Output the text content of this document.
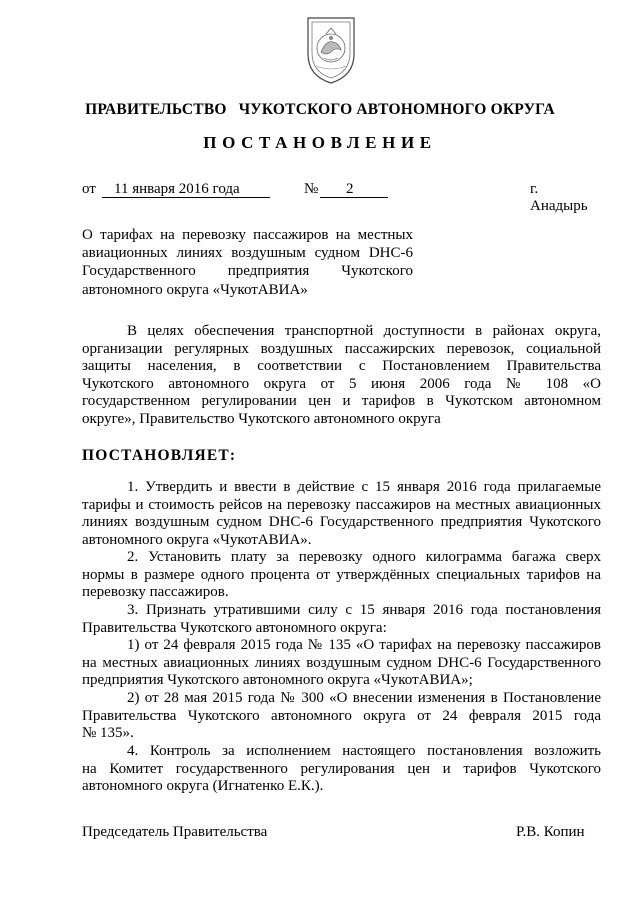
ПРАВИТЕЛЬСТВО ЧУКОТСКОГО АВТОНОМНОГО ОКРУГА
ПОСТАНОВЛЕНИЕ
от	11 января 2016 года	№	2	г. Анадырь
О тарифах на перевозку пассажиров на местных
авиационных линиях воздушным судном DHC-6
Государственного предприятия Чукотского
автономного округа «ЧукотАВИА»
В целях обеспечения транспортной доступности в районах округа,
организации регулярных воздушных пассажирских перевозок, социальной
защиты населения, в соответствии с Постановлением Правительства
Чукотского автономного округа от 5 июня 2006 года № 108 «О
государственном регулировании цен и тарифов в Чукотском автономном
округе», Правительство Чукотского автономного округа
ПОСТАНОВЛЯЕТ:
1. Утвердить и ввести в действие с 15 января 2016 года прилагаемые
тарифы и стоимость рейсов на перевозку пассажиров на местных авиационных
линиях воздушным судном DHC-6 Государственного предприятия Чукотского
автономного округа «ЧукотАВИА».
2. Установить плату за перевозку одного килограмма багажа сверх
нормы в размере одного процента от утверждённых специальных тарифов на
перевозку пассажиров.
3. Признать утратившими силу с 15 января 2016 года постановления
Правительства Чукотского автономного округа:
1) от 24 февраля 2015 года № 135 «О тарифах на перевозку пассажиров
на местных авиационных линиях воздушным судном DHC-6 Государственного
предприятия Чукотского автономного округа «ЧукотАВИА»;
2) от 28 мая 2015 года № 300 «О внесении изменения в Постановление
Правительства Чукотского автономного округа от 24 февраля 2015 года
№ 135».
4. Контроль за исполнением настоящего постановления возложить
на Комитет государственного регулирования цен и тарифов Чукотского
автономного округа (Игнатенко Е.К.).
Председатель Правительства	Р.В. Копин
